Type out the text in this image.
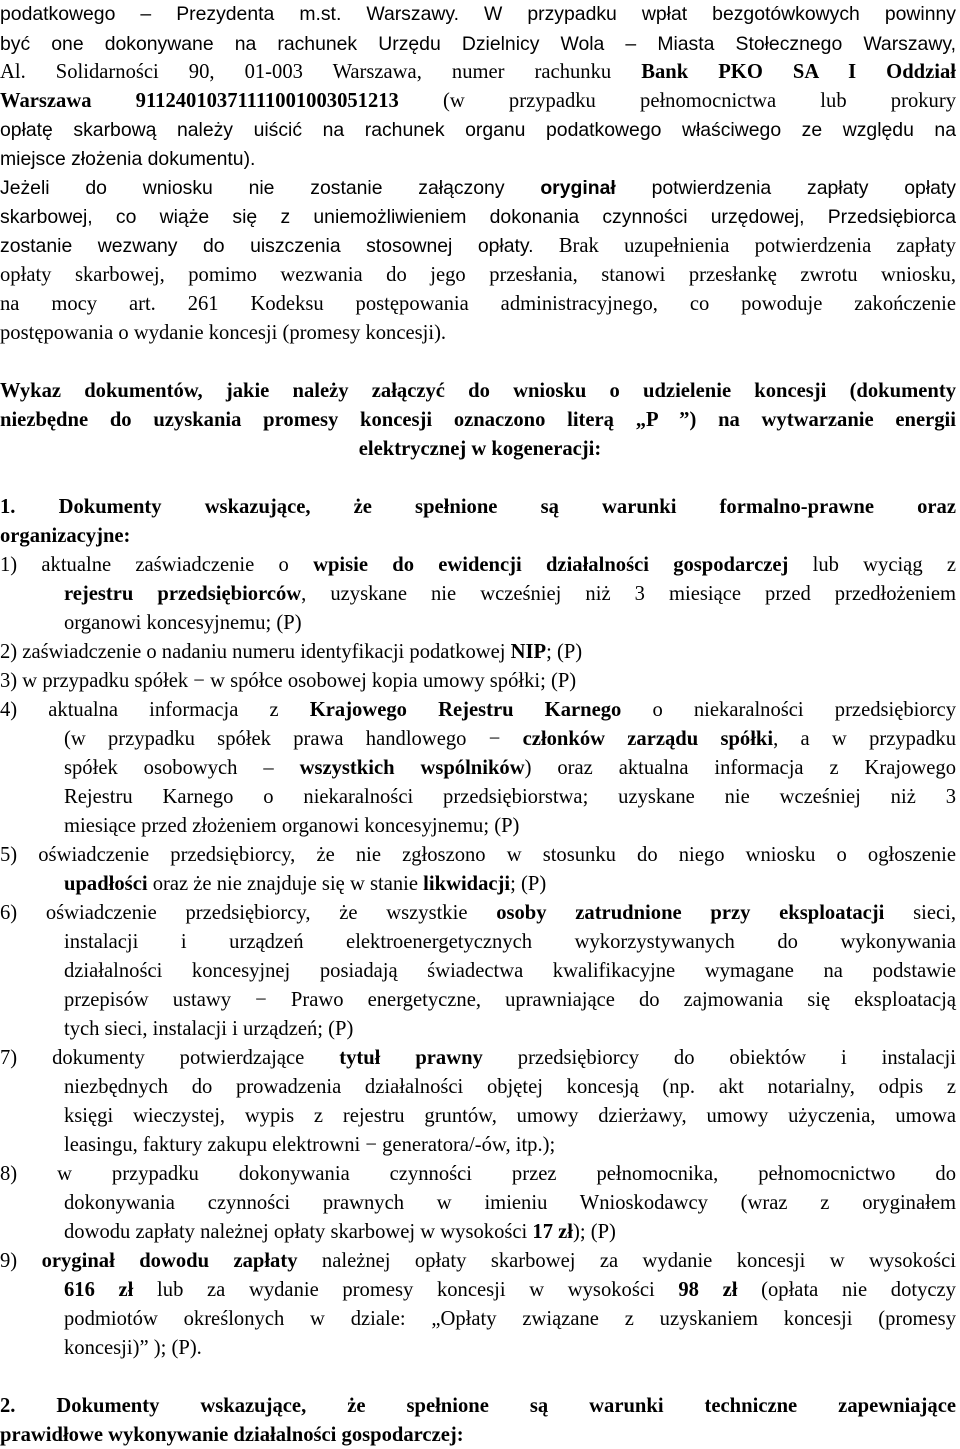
podatkowego – Prezydenta m.st. Warszawy. W przypadku wpłat bezgotówkowych powinny
być one dokonywane na rachunek Urzędu Dzielnicy Wola – Miasta Stołecznego Warszawy,
Al. Solidarności 90, 01-003 Warszawa, numer rachunku Bank PKO SA I Oddział
Warszawa 91124010371111001003051213 (w przypadku pełnomocnictwa lub prokury
opłatę skarbową należy uiścić na rachunek organu podatkowego właściwego ze względu na
miejsce złożenia dokumentu).
Jeżeli do wniosku nie zostanie załączony oryginał potwierdzenia zapłaty opłaty
skarbowej, co wiąże się z uniemożliwieniem dokonania czynności urzędowej, Przedsiębiorca
zostanie wezwany do uiszczenia stosownej opłaty. Brak uzupełnienia potwierdzenia zapłaty
opłaty skarbowej, pomimo wezwania do jego przesłania, stanowi przesłankę zwrotu wniosku,
na mocy art. 261 Kodeksu postępowania administracyjnego, co powoduje zakończenie
postępowania o wydanie koncesji (promesy koncesji).
Wykaz dokumentów, jakie należy załączyć do wniosku o udzielenie koncesji (dokumenty
niezbędne do uzyskania promesy koncesji oznaczono literą „P ”) na wytwarzanie energii
elektrycznej w kogeneracji:
1. Dokumenty wskazujące, że spełnione są warunki formalno-prawne oraz
organizacyjne:
1) aktualne zaświadczenie o wpisie do ewidencji działalności gospodarczej lub wyciąg z
rejestru przedsiębiorców, uzyskane nie wcześniej niż 3 miesiące przed przedłożeniem
organowi koncesyjnemu; (P)
2) zaświadczenie o nadaniu numeru identyfikacji podatkowej NIP; (P)
3) w przypadku spółek − w spółce osobowej kopia umowy spółki; (P)
4) aktualna informacja z Krajowego Rejestru Karnego o niekaralności przedsiębiorcy
(w przypadku spółek prawa handlowego − członków zarządu spółki, a w przypadku
spółek osobowych – wszystkich wspólników) oraz aktualna informacja z Krajowego
Rejestru Karnego o niekaralności przedsiębiorstwa; uzyskane nie wcześniej niż 3
miesiące przed złożeniem organowi koncesyjnemu; (P)
5) oświadczenie przedsiębiorcy, że nie zgłoszono w stosunku do niego wniosku o ogłoszenie
upadłości oraz że nie znajduje się w stanie likwidacji; (P)
6) oświadczenie przedsiębiorcy, że wszystkie osoby zatrudnione przy eksploatacji sieci,
instalacji i urządzeń elektroenergetycznych wykorzystywanych do wykonywania
działalności koncesyjnej posiadają świadectwa kwalifikacyjne wymagane na podstawie
przepisów ustawy − Prawo energetyczne, uprawniające do zajmowania się eksploatacją
tych sieci, instalacji i urządzeń; (P)
7) dokumenty potwierdzające tytuł prawny przedsiębiorcy do obiektów i instalacji
niezbędnych do prowadzenia działalności objętej koncesją (np. akt notarialny, odpis z
księgi wieczystej, wypis z rejestru gruntów, umowy dzierżawy, umowy użyczenia, umowa
leasingu, faktury zakupu elektrowni − generatora/-ów, itp.);
8) w przypadku dokonywania czynności przez pełnomocnika, pełnomocnictwo do
dokonywania czynności prawnych w imieniu Wnioskodawcy (wraz z oryginałem
dowodu zapłaty należnej opłaty skarbowej w wysokości 17 zł); (P)
9) oryginał dowodu zapłaty należnej opłaty skarbowej za wydanie koncesji w wysokości
616 zł lub za wydanie promesy koncesji w wysokości 98 zł (opłata nie dotyczy
podmiotów określonych w dziale: „Opłaty związane z uzyskaniem koncesji (promesy
koncesji)” ); (P).
2. Dokumenty wskazujące, że spełnione są warunki techniczne zapewniające
prawidłowe wykonywanie działalności gospodarczej:
